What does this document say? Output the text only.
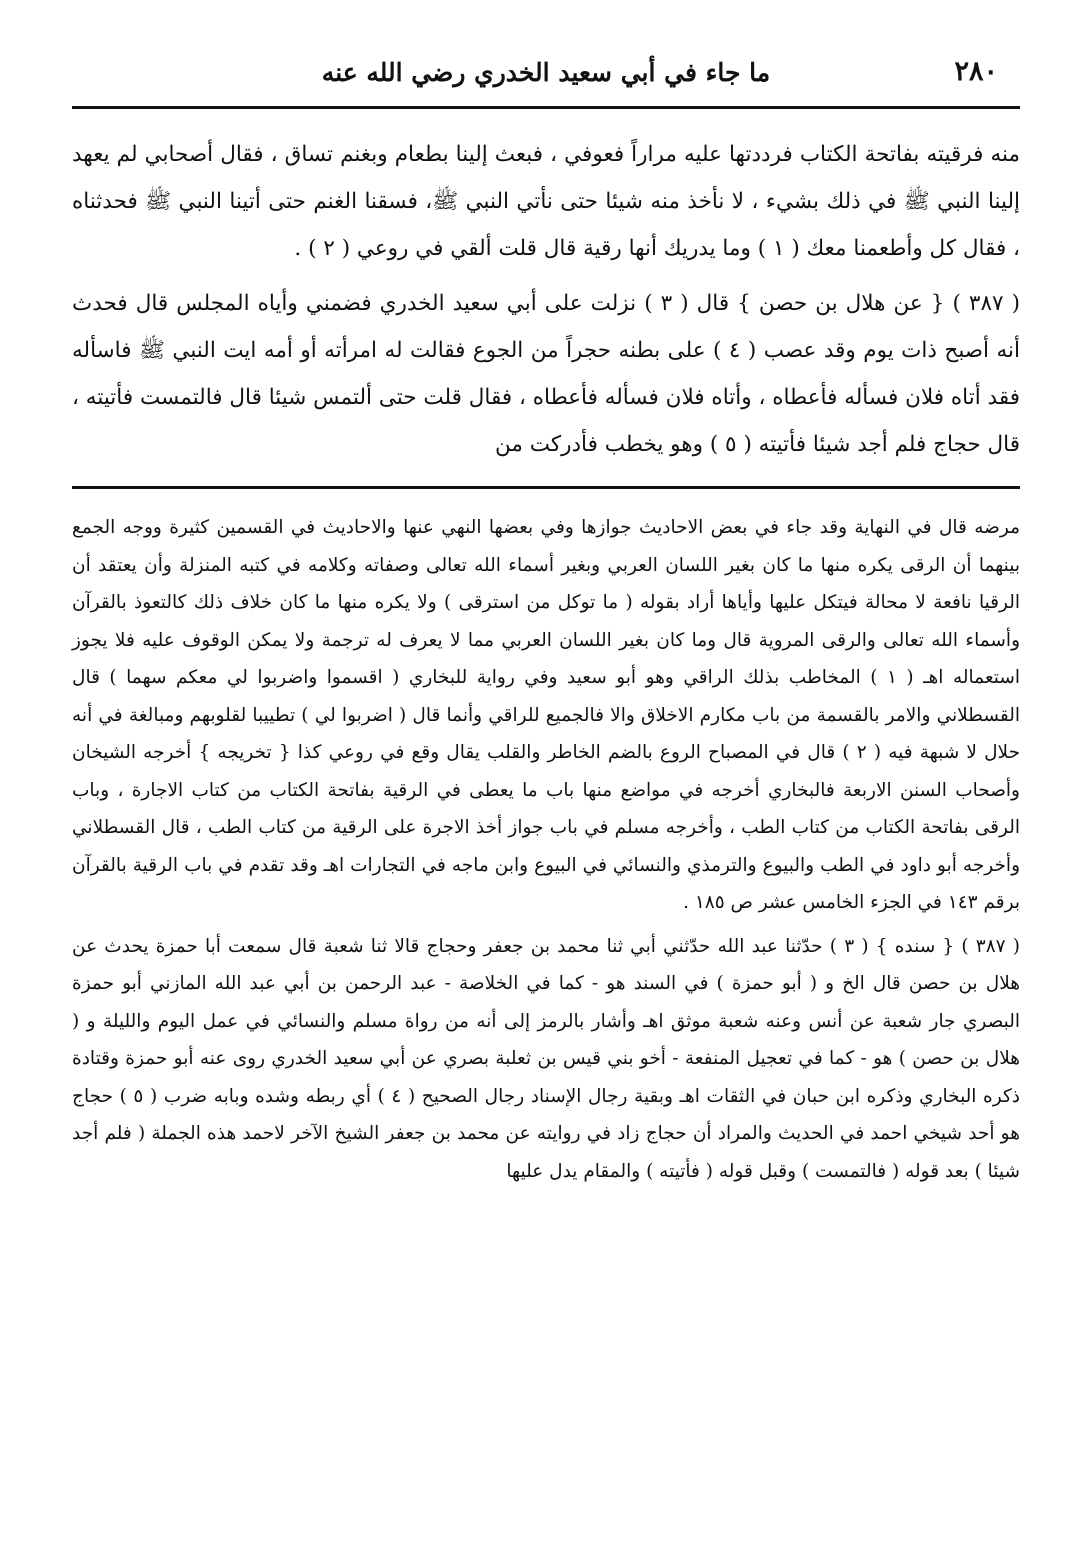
٢٨٠
ما جاء في أبي سعيد الخدري رضي الله عنه

منه فرقيته بفاتحة الكتاب فرددتها عليه مراراً فعوفي ، فبعث إلينا بطعام وبغنم تساق ، فقال أصحابي لم يعهد إلينا النبي ﷺ في ذلك بشيء ، لا نأخذ منه شيئا حتى نأتي النبي ﷺ، فسقنا الغنم حتى أتينا النبي ﷺ فحدثناه ، فقال كل وأطعمنا معك ( ١ ) وما يدريك أنها رقية قال قلت ألقي في روعي ( ٢ ) .

( ٣٨٧ ) { عن هلال بن حصن } قال ( ٣ ) نزلت على أبي سعيد الخدري فضمني وأياه المجلس قال فحدث أنه أصبح ذات يوم وقد عصب ( ٤ ) على بطنه حجراً من الجوع فقالت له امرأته أو أمه ايت النبي ﷺ فاسأله فقد أتاه فلان فسأله فأعطاه ، وأتاه فلان فسأله فأعطاه ، فقال قلت حتى ألتمس شيئا قال فالتمست فأتيته ، قال حجاج فلم أجد شيئا فأتيته ( ٥ ) وهو يخطب فأدركت من

مرضه قال في النهاية وقد جاء في بعض الاحاديث جوازها وفي بعضها النهي عنها والاحاديث في القسمين كثيرة ووجه الجمع بينهما أن الرقى يكره منها ما كان بغير اللسان العربي وبغير أسماء الله تعالى وصفاته وكلامه في كتبه المنزلة وأن يعتقد أن الرقيا نافعة لا محالة فيتكل عليها وأياها أراد بقوله ( ما توكل من استرقى ) ولا يكره منها ما كان خلاف ذلك كالتعوذ بالقرآن وأسماء الله تعالى والرقى المروية قال وما كان بغير اللسان العربي مما لا يعرف له ترجمة ولا يمكن الوقوف عليه فلا يجوز استعماله اهـ ( ١ ) المخاطب بذلك الراقي وهو أبو سعيد وفي رواية للبخاري ( اقسموا واضربوا لي معكم سهما ) قال القسطلاني والامر بالقسمة من باب مكارم الاخلاق والا فالجميع للراقي وأنما قال ( اضربوا لي ) تطييبا لقلوبهم ومبالغة في أنه حلال لا شبهة فيه ( ٢ ) قال في المصباح الروع بالضم الخاطر والقلب يقال وقع في روعي كذا { تخريجه } أخرجه الشيخان وأصحاب السنن الاربعة فالبخاري أخرجه في مواضع منها باب ما يعطى في الرقية بفاتحة الكتاب من كتاب الاجارة ، وباب الرقى بفاتحة الكتاب من كتاب الطب ، وأخرجه مسلم في باب جواز أخذ الاجرة على الرقية من كتاب الطب ، قال القسطلاني وأخرجه أبو داود في الطب والبيوع والترمذي والنسائي في البيوع وابن ماجه في التجارات اهـ وقد تقدم في باب الرقية بالقرآن برقم ١٤٣ في الجزء الخامس عشر ص ١٨٥ .

( ٣٨٧ ) { سنده } ( ٣ ) حدّثنا عبد الله حدّثني أبي ثنا محمد بن جعفر وحجاج قالا ثنا شعبة قال سمعت أبا حمزة يحدث عن هلال بن حصن قال الخ و ( أبو حمزة ) في السند هو - كما في الخلاصة - عبد الرحمن بن أبي عبد الله المازني أبو حمزة البصري جار شعبة عن أنس وعنه شعبة موثق اهـ وأشار بالرمز إلى أنه من رواة مسلم والنسائي في عمل اليوم والليلة و ( هلال بن حصن ) هو - كما في تعجيل المنفعة - أخو بني قيس بن ثعلبة بصري عن أبي سعيد الخدري روى عنه أبو حمزة وقتادة ذكره البخاري وذكره ابن حبان في الثقات اهـ وبقية رجال الإسناد رجال الصحيح ( ٤ ) أي ربطه وشده وبابه ضرب ( ٥ ) حجاج هو أحد شيخي احمد في الحديث والمراد أن حجاج زاد في روايته عن محمد بن جعفر الشيخ الآخر لاحمد هذه الجملة ( فلم أجد شيئا ) بعد قوله ( فالتمست ) وقبل قوله ( فأتيته ) والمقام يدل عليها
